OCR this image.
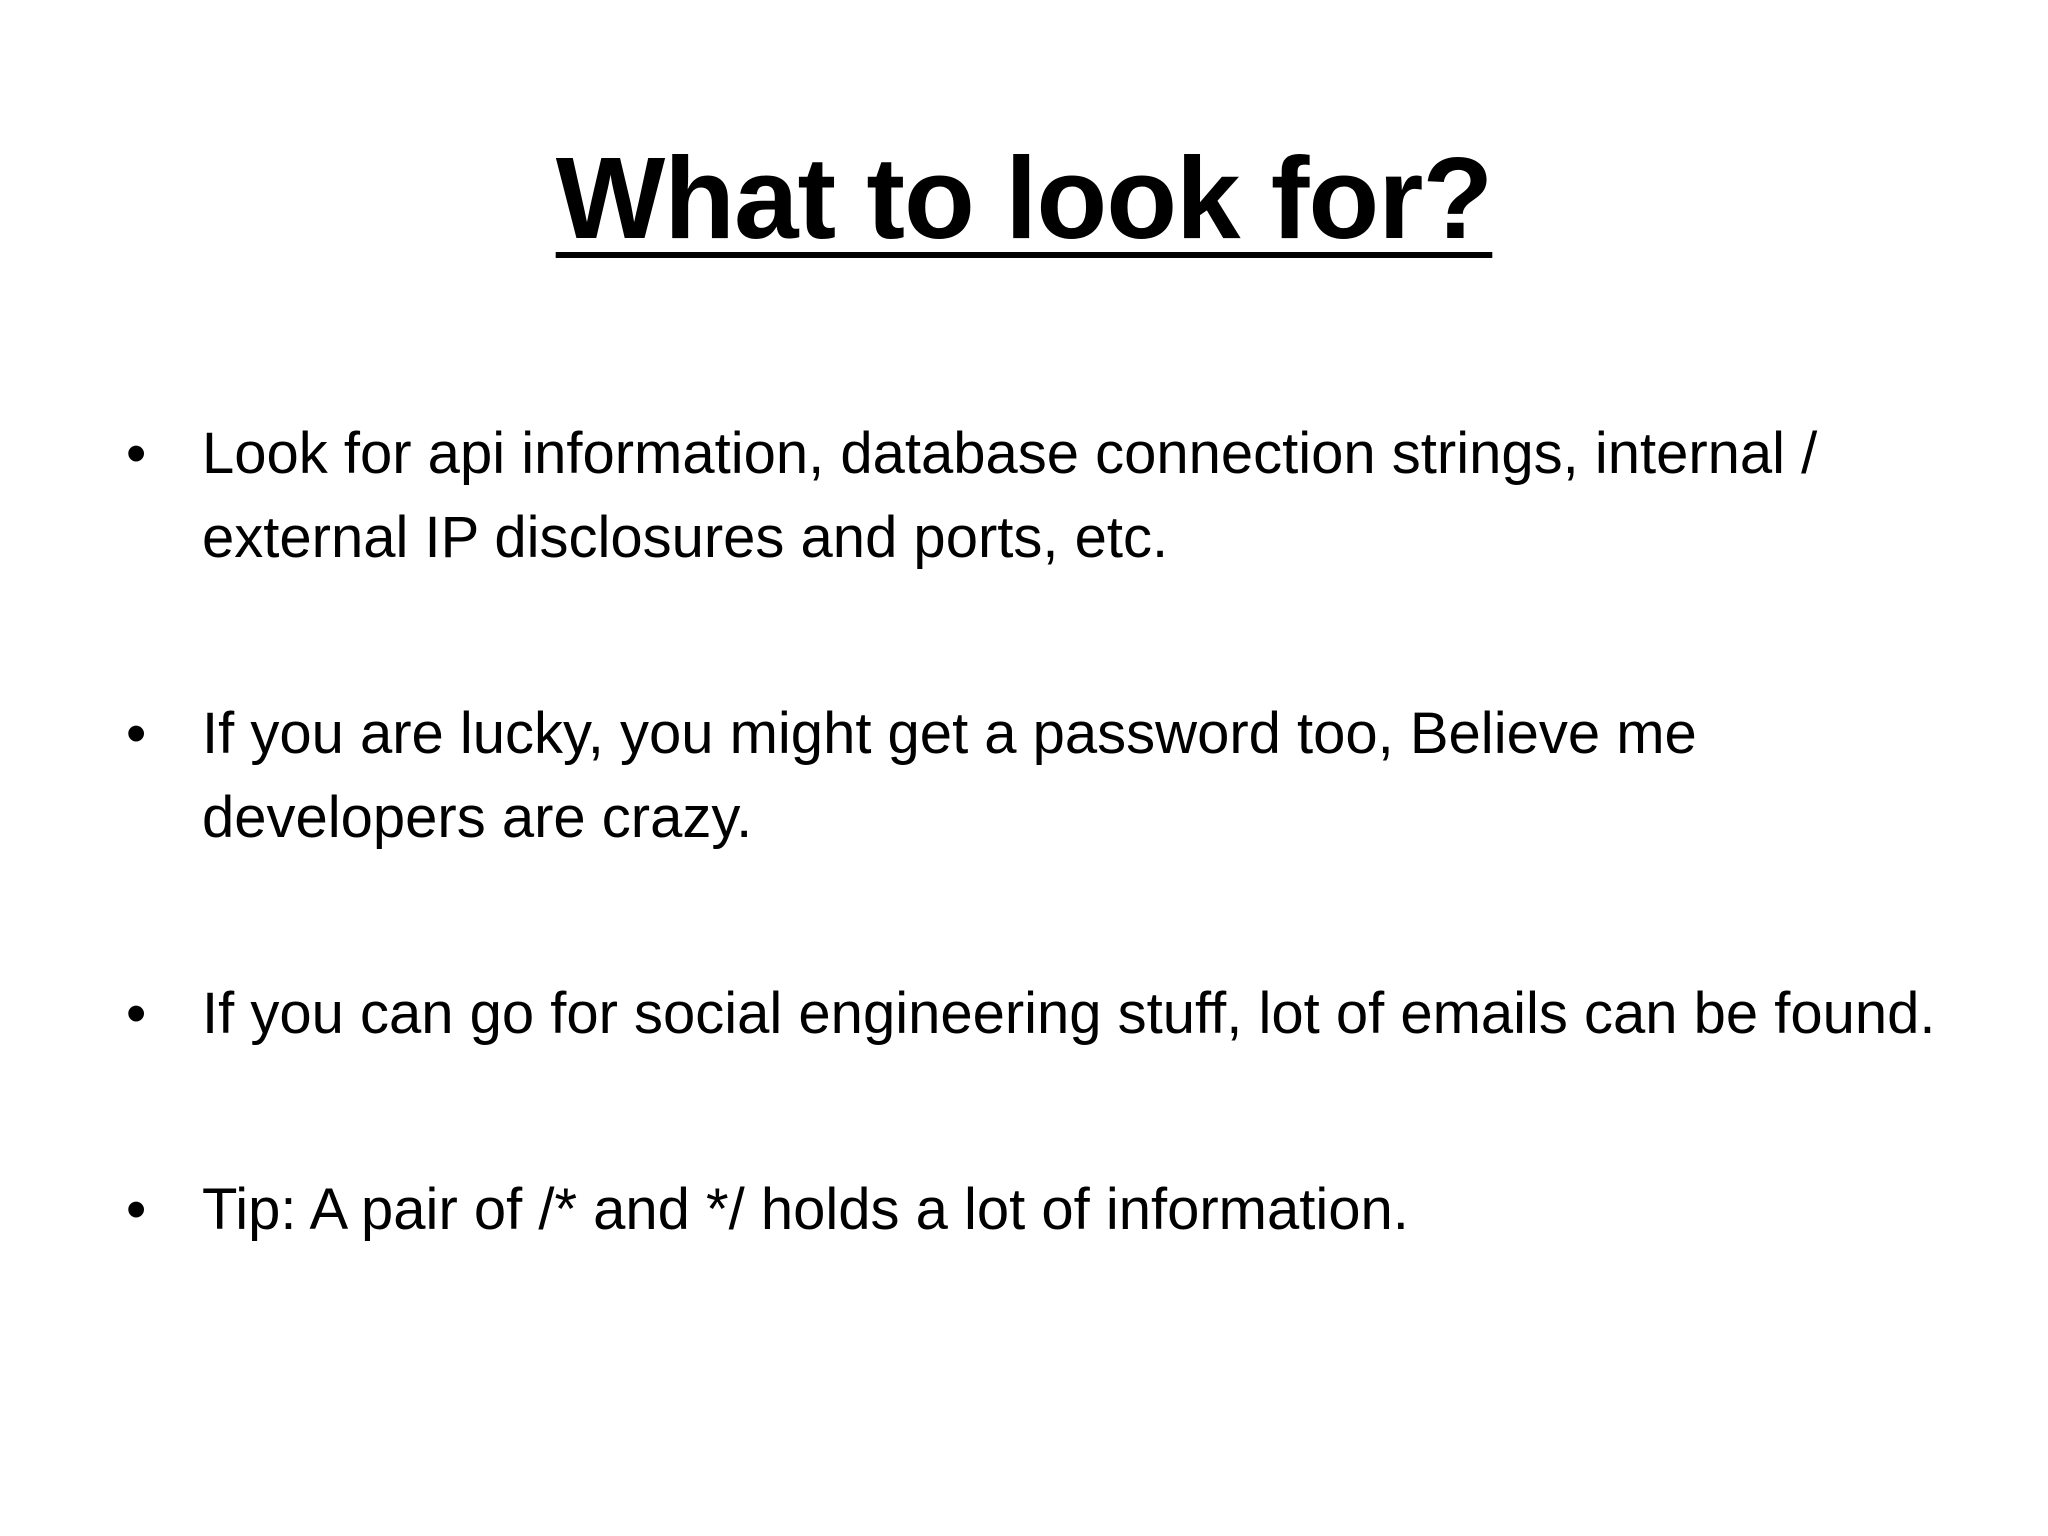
What to look for?
• Look for api information, database connection strings, internal / external IP disclosures and ports, etc.
• If you are lucky, you might get a password too, Believe me developers are crazy.
• If you can go for social engineering stuff, lot of emails can be found.
• Tip: A pair of /* and */ holds a lot of information.
